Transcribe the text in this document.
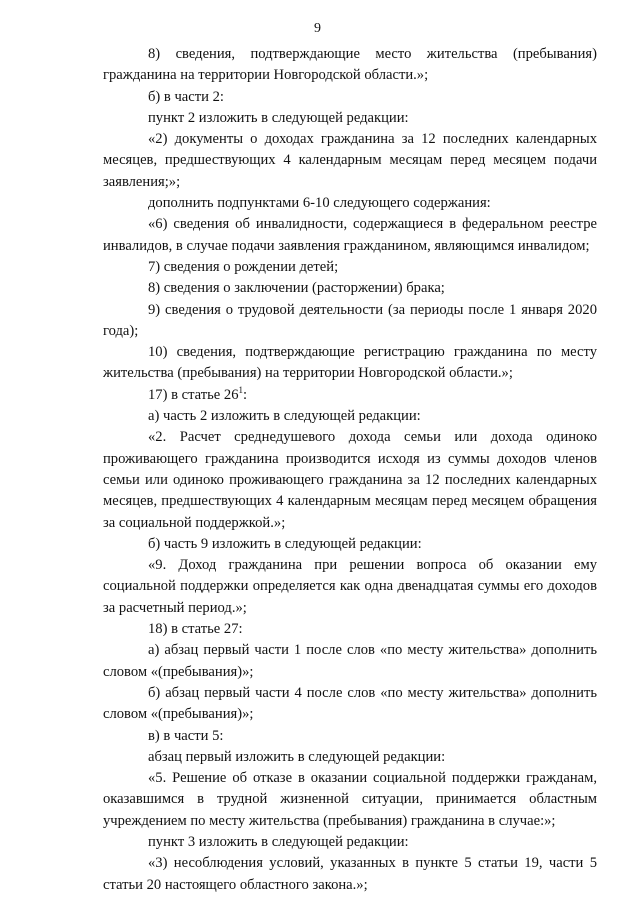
9

8) сведения, подтверждающие место жительства (пребывания) гражданина на территории Новгородской области.»;

б) в части 2:

пункт 2 изложить в следующей редакции:

«2) документы о доходах гражданина за 12 последних календарных месяцев, предшествующих 4 календарным месяцам перед месяцем подачи заявления;»;

дополнить подпунктами 6-10 следующего содержания:

«6) сведения об инвалидности, содержащиеся в федеральном реестре инвалидов, в случае подачи заявления гражданином, являющимся инвалидом;

7) сведения о рождении детей;

8) сведения о заключении (расторжении) брака;

9) сведения о трудовой деятельности (за периоды после 1 января 2020 года);

10) сведения, подтверждающие регистрацию гражданина по месту жительства (пребывания) на территории Новгородской области.»;

17) в статье $26^1$:

а) часть 2 изложить в следующей редакции:

«2. Расчет среднедушевого дохода семьи или дохода одиноко проживающего гражданина производится исходя из суммы доходов членов семьи или одиноко проживающего гражданина за 12 последних календарных месяцев, предшествующих 4 календарным месяцам перед месяцем обращения за социальной поддержкой.»;

б) часть 9 изложить в следующей редакции:

«9. Доход гражданина при решении вопроса об оказании ему социальной поддержки определяется как одна двенадцатая суммы его доходов за расчетный период.»;

18) в статье 27:

а) абзац первый части 1 после слов «по месту жительства» дополнить словом «(пребывания)»;

б) абзац первый части 4 после слов «по месту жительства» дополнить словом «(пребывания)»;

в) в части 5:

абзац первый изложить в следующей редакции:

«5. Решение об отказе в оказании социальной поддержки гражданам, оказавшимся в трудной жизненной ситуации, принимается областным учреждением по месту жительства (пребывания) гражданина в случае:»;

пункт 3 изложить в следующей редакции:

«3) несоблюдения условий, указанных в пункте 5 статьи 19, части 5 статьи 20 настоящего областного закона.»;
